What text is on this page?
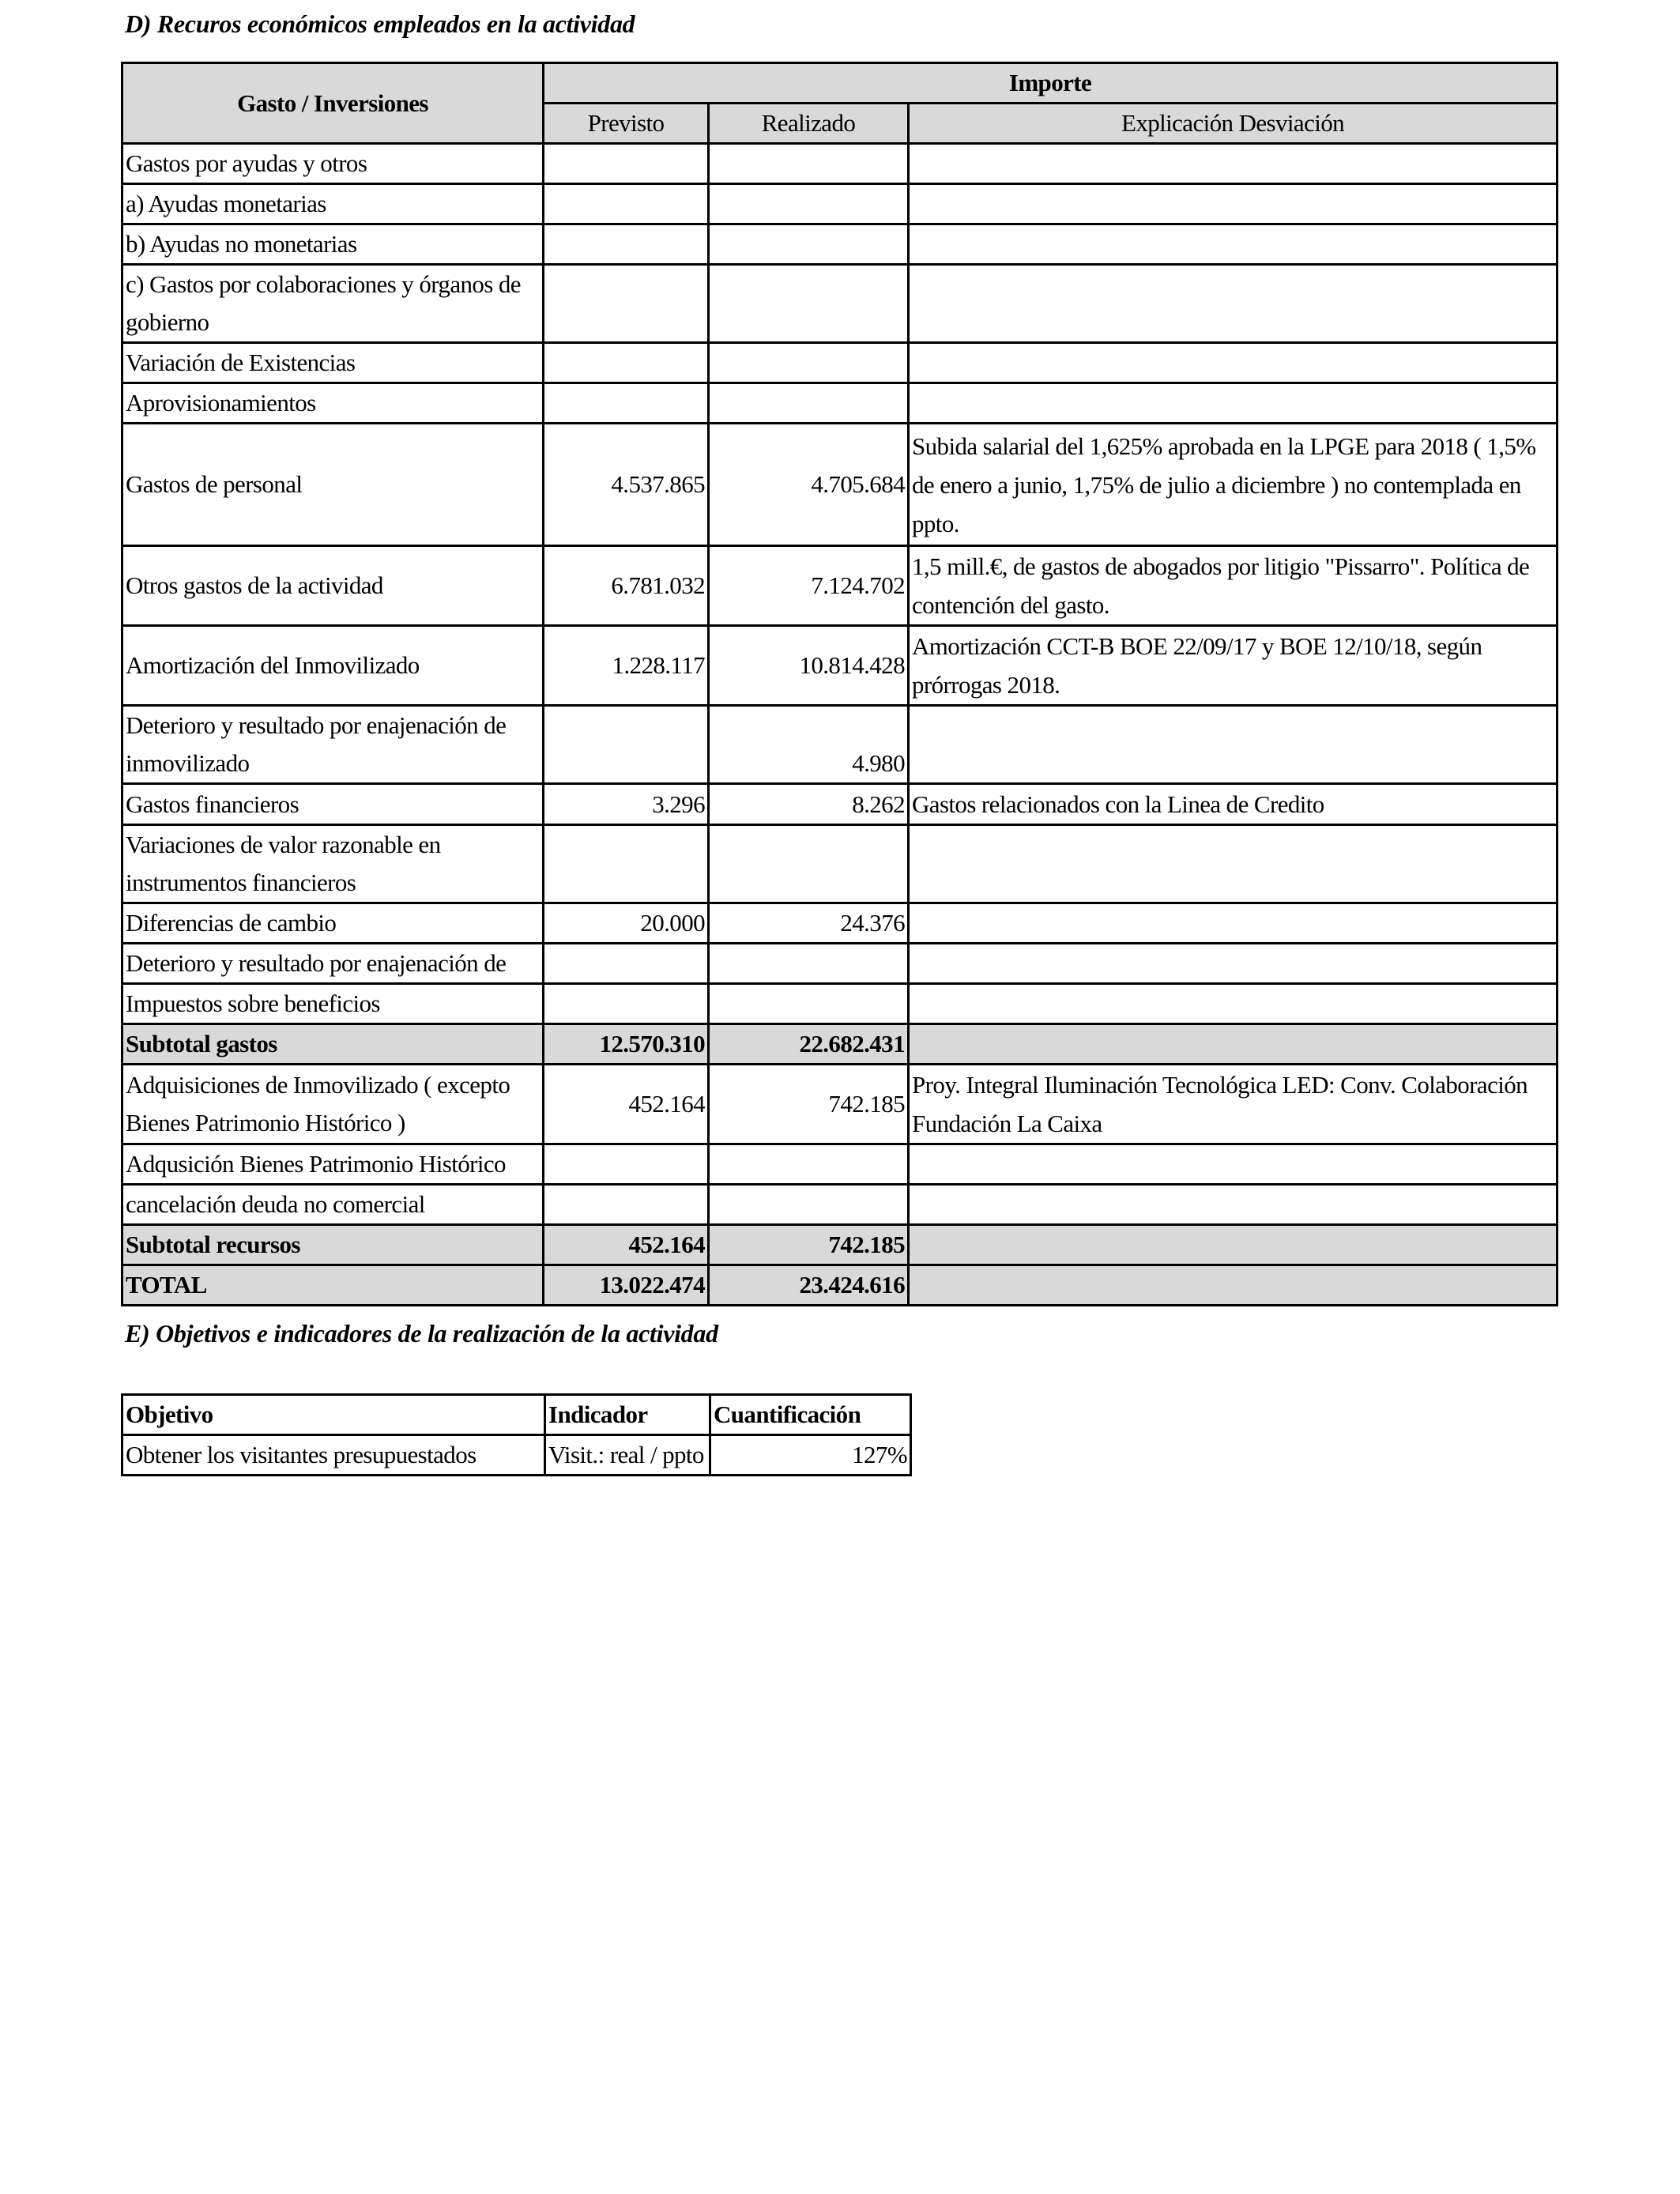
D) Recuros económicos empleados en la actividad
Gasto / Inversiones	Importe		
	Previsto	Realizado	Explicación Desviación
Gastos por ayudas y otros			
a) Ayudas monetarias			
b) Ayudas no monetarias			
c) Gastos por colaboraciones y órganos de gobierno			
Variación de Existencias			
Aprovisionamientos			
Gastos de personal	4.537.865	4.705.684	Subida salarial del 1,625% aprobada en la LPGE para 2018 ( 1,5% de enero a junio, 1,75% de julio a diciembre ) no contemplada en ppto.
Otros gastos de la actividad	6.781.032	7.124.702	1,5 mill.€, de gastos de abogados por litigio "Pissarro". Política de contención del gasto.
Amortización del Inmovilizado	1.228.117	10.814.428	Amortización CCT-B BOE 22/09/17 y BOE 12/10/18, según prórrogas 2018.
Deterioro y resultado por enajenación de inmovilizado		4.980	
Gastos financieros	3.296	8.262	Gastos relacionados con la Linea de Credito
Variaciones de valor razonable en instrumentos financieros			
Diferencias de cambio	20.000	24.376	
Deterioro y resultado por enajenación de			
Impuestos sobre beneficios			
Subtotal gastos	12.570.310	22.682.431	
Adquisiciones de Inmovilizado ( excepto Bienes Patrimonio Histórico )	452.164	742.185	Proy. Integral Iluminación Tecnológica LED: Conv. Colaboración Fundación La Caixa
Adqusición Bienes Patrimonio Histórico			
cancelación deuda no comercial			
Subtotal recursos	452.164	742.185	
TOTAL	13.022.474	23.424.616	
E) Objetivos e indicadores de la realización de la actividad
Objetivo	Indicador	Cuantificación
Obtener los visitantes presupuestados	Visit.: real / ppto	127%
